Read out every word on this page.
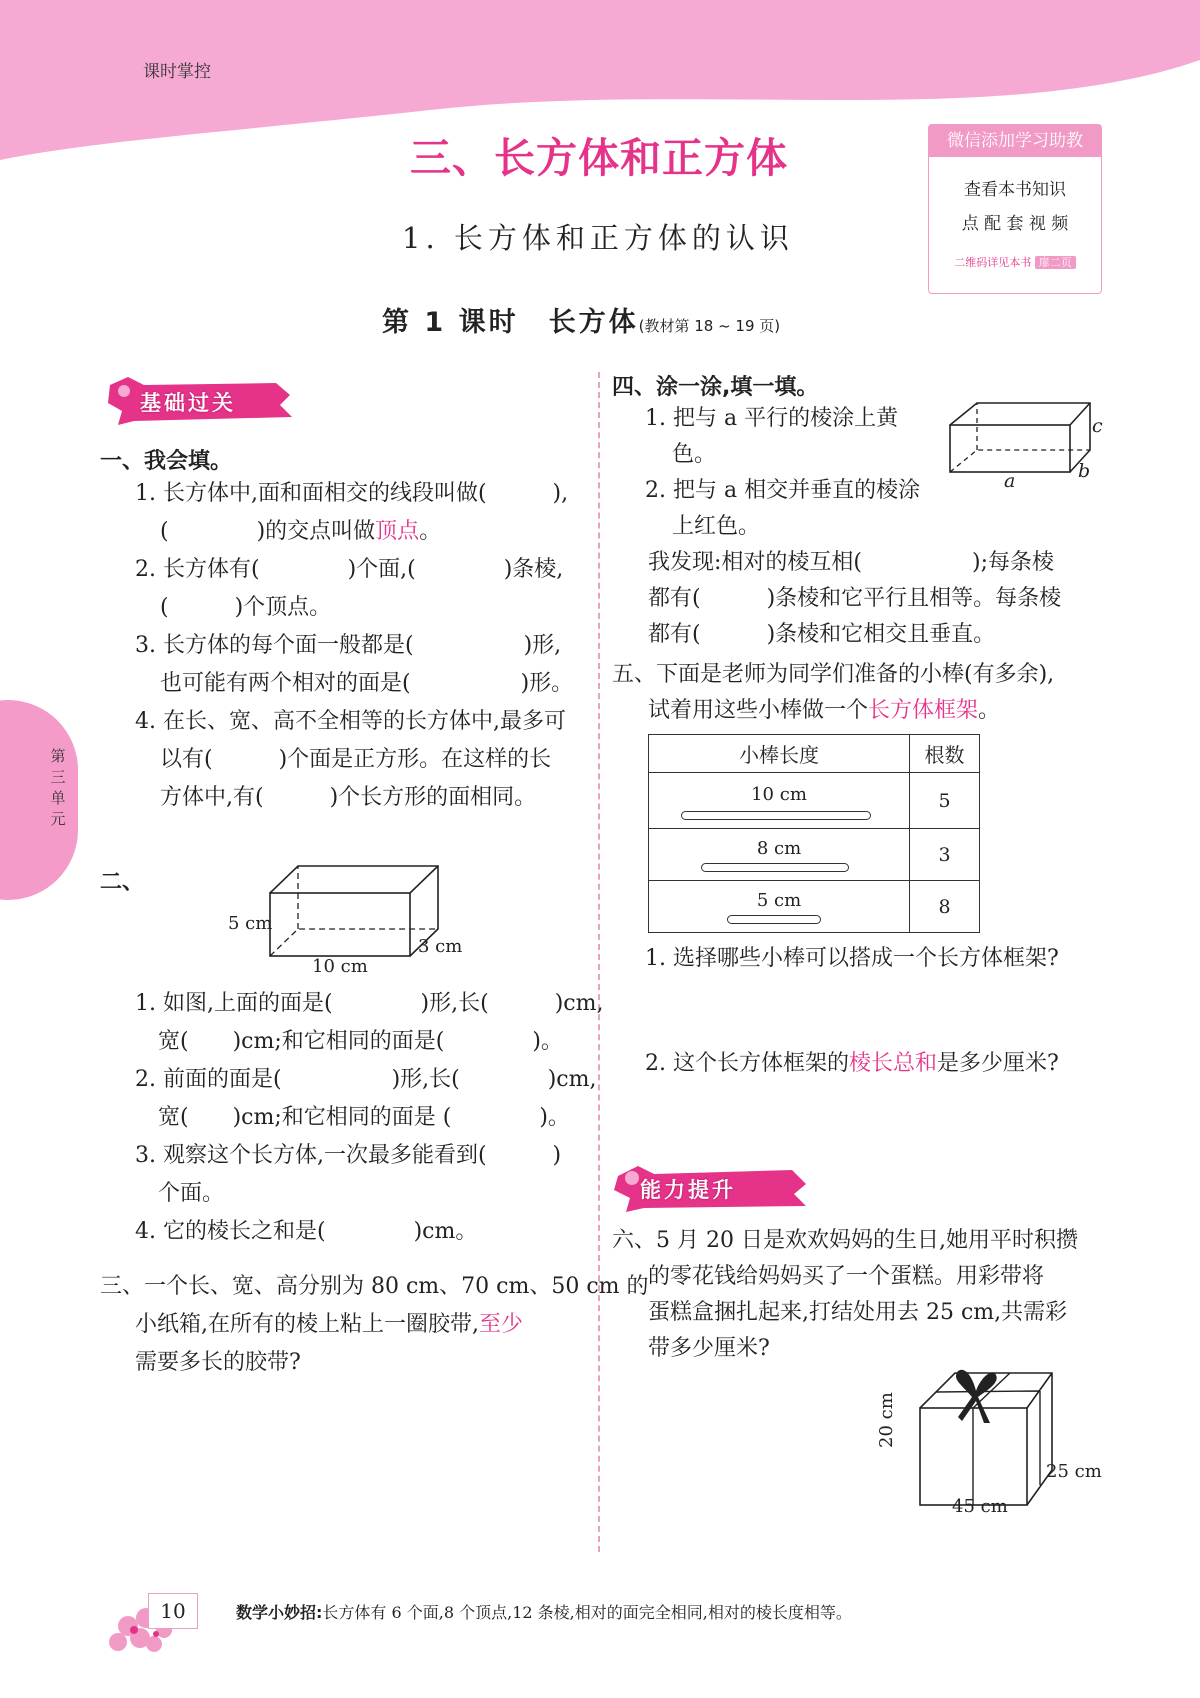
课时掌控
第
三
单
元
三、长方体和正方体
1. 长方体和正方体的认识
第 1 课时　长方体(教材第 18 ~ 19 页)
微信添加学习助教
查看本书知识
点 配 套 视 频
二维码详见本书 扉二页
基础过关
一、我会填。
1. 长方体中,面和面相交的线段叫做(　　　),
(　　　　)的交点叫做顶点。
2. 长方体有(　　　　)个面,(　　　　)条棱,
(　　　)个顶点。
3. 长方体的每个面一般都是(　　　　　)形,
也可能有两个相对的面是(　　　　　)形。
4. 在长、宽、高不全相等的长方体中,最多可
以有(　　　)个面是正方形。在这样的长
方体中,有(　　　)个长方形的面相同。
二、
5 cm
3 cm
10 cm
1. 如图,上面的面是(　　　　)形,长(　　　)cm,
宽(　　)cm;和它相同的面是(　　　　)。
2. 前面的面是(　　　　　)形,长(　　　　)cm,
宽(　　)cm;和它相同的面是 (　　　　)。
3. 观察这个长方体,一次最多能看到(　　　)
个面。
4. 它的棱长之和是(　　　　)cm。
三、一个长、宽、高分别为 80 cm、70 cm、50 cm 的
小纸箱,在所有的棱上粘上一圈胶带,至少
需要多长的胶带?
四、涂一涂,填一填。
1. 把与 a 平行的棱涂上黄
色。
2. 把与 a 相交并垂直的棱涂
上红色。
a	b
c
我发现:相对的棱互相(　　　　　);每条棱
都有(　　　)条棱和它平行且相等。每条棱
都有(　　　)条棱和它相交且垂直。
五、下面是老师为同学们准备的小棒(有多余),
试着用这些小棒做一个长方体框架。
小棒长度	根数

10 cm	5

8 cm	3

5 cm	8
1. 选择哪些小棒可以搭成一个长方体框架?
2. 这个长方体框架的棱长总和是多少厘米?
能力提升
六、5 月 20 日是欢欢妈妈的生日,她用平时积攒
的零花钱给妈妈买了一个蛋糕。用彩带将
蛋糕盒捆扎起来,打结处用去 25 cm,共需彩
带多少厘米?
20 cm
25 cm
45 cm
10	数学小妙招:长方体有 6 个面,8 个顶点,12 条棱,相对的面完全相同,相对的棱长度相等。
